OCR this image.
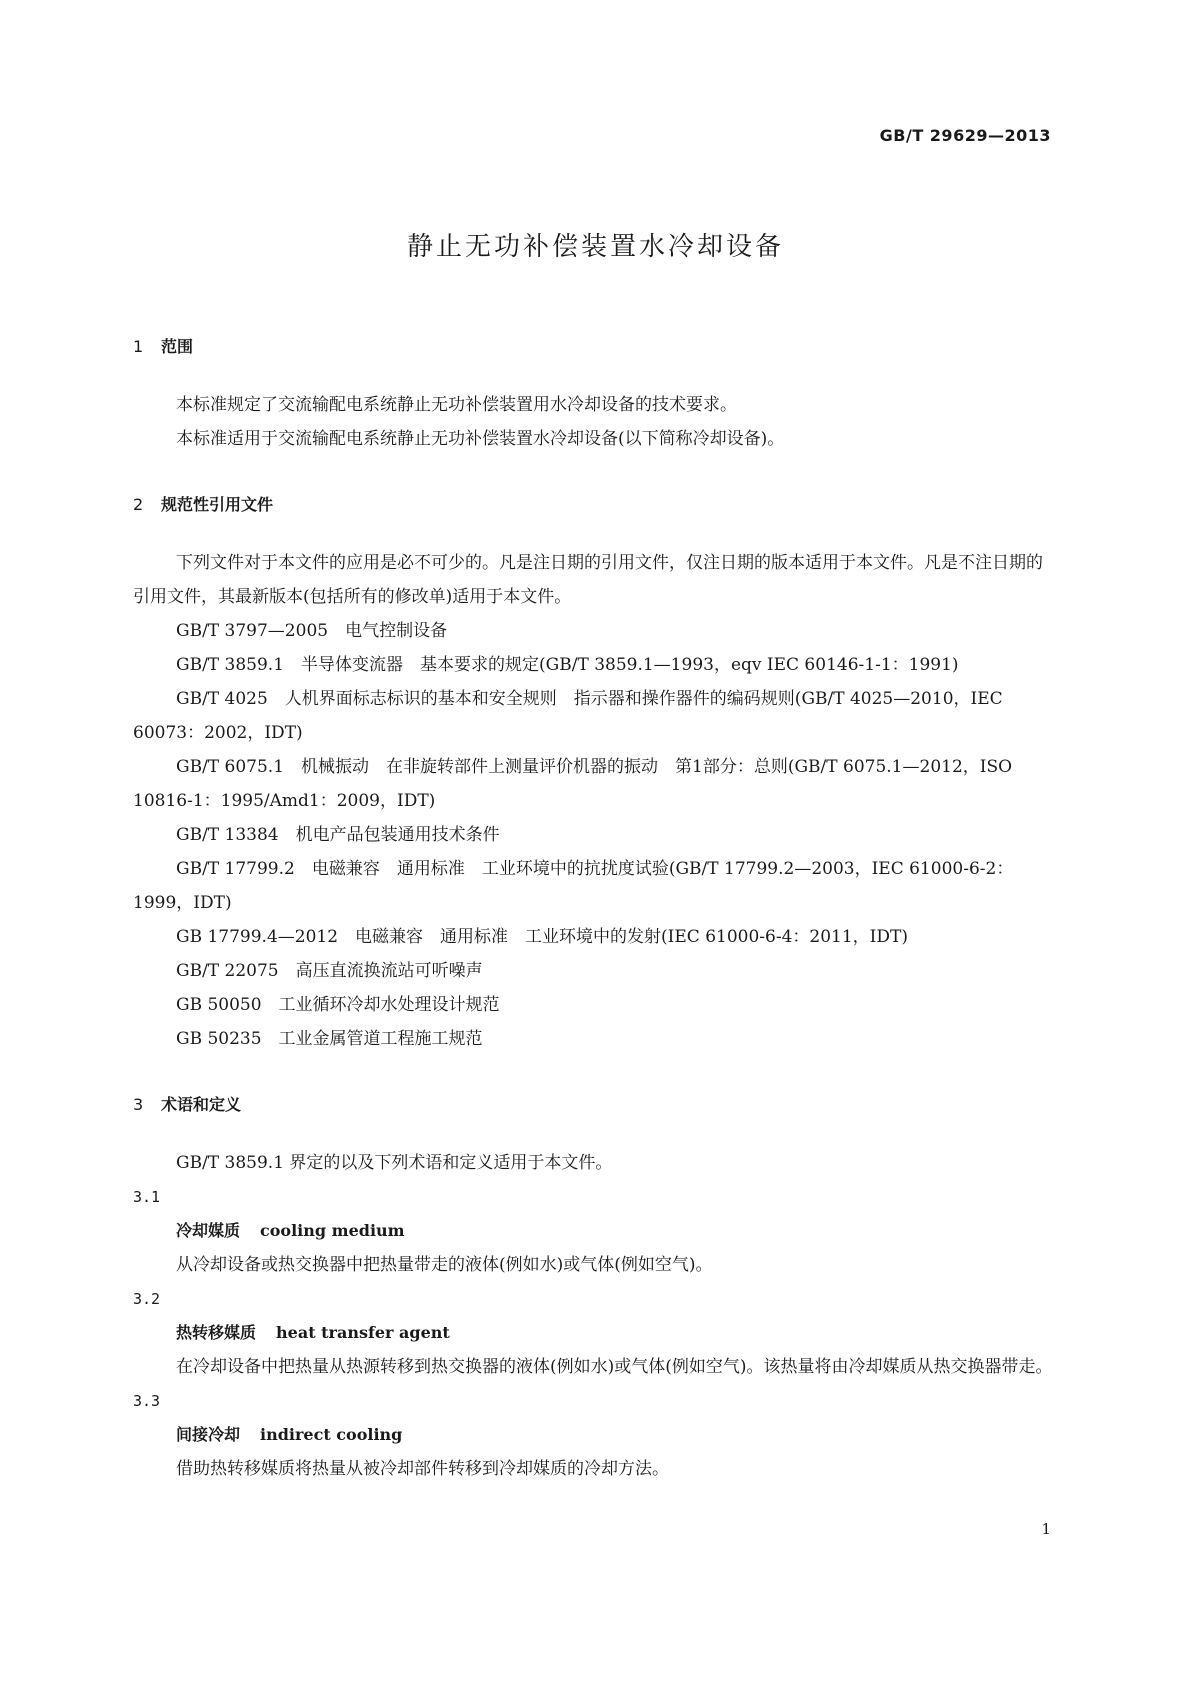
GB/T 29629—2013
静止无功补偿装置水冷却设备

1 范围

本标准规定了交流输配电系统静止无功补偿装置用水冷却设备的技术要求。

本标准适用于交流输配电系统静止无功补偿装置水冷却设备(以下简称冷却设备)。

2 规范性引用文件

下列文件对于本文件的应用是必不可少的。凡是注日期的引用文件，仅注日期的版本适用于本文件。凡是不注日期的引用文件，其最新版本(包括所有的修改单)适用于本文件。

GB/T 3797—2005　电气控制设备

GB/T 3859.1　半导体变流器　基本要求的规定(GB/T 3859.1—1993，eqv IEC 60146-1-1：1991)

GB/T 4025　人机界面标志标识的基本和安全规则　指示器和操作器件的编码规则(GB/T 4025—2010，IEC 60073：2002，IDT)

GB/T 6075.1　机械振动　在非旋转部件上测量评价机器的振动　第1部分：总则(GB/T 6075.1—2012，ISO 10816-1：1995/Amd1：2009，IDT)

GB/T 13384　机电产品包装通用技术条件

GB/T 17799.2　电磁兼容　通用标准　工业环境中的抗扰度试验(GB/T 17799.2—2003，IEC 61000-6-2：1999，IDT)

GB 17799.4—2012　电磁兼容　通用标准　工业环境中的发射(IEC 61000-6-4：2011，IDT)

GB/T 22075　高压直流换流站可听噪声

GB 50050　工业循环冷却水处理设计规范

GB 50235　工业金属管道工程施工规范

3 术语和定义

GB/T 3859.1 界定的以及下列术语和定义适用于本文件。

3.1

冷却媒质 cooling medium

从冷却设备或热交换器中把热量带走的液体(例如水)或气体(例如空气)。

3.2

热转移媒质 heat transfer agent

在冷却设备中把热量从热源转移到热交换器的液体(例如水)或气体(例如空气)。该热量将由冷却媒质从热交换器带走。

3.3

间接冷却 indirect cooling

借助热转移媒质将热量从被冷却部件转移到冷却媒质的冷却方法。

1
